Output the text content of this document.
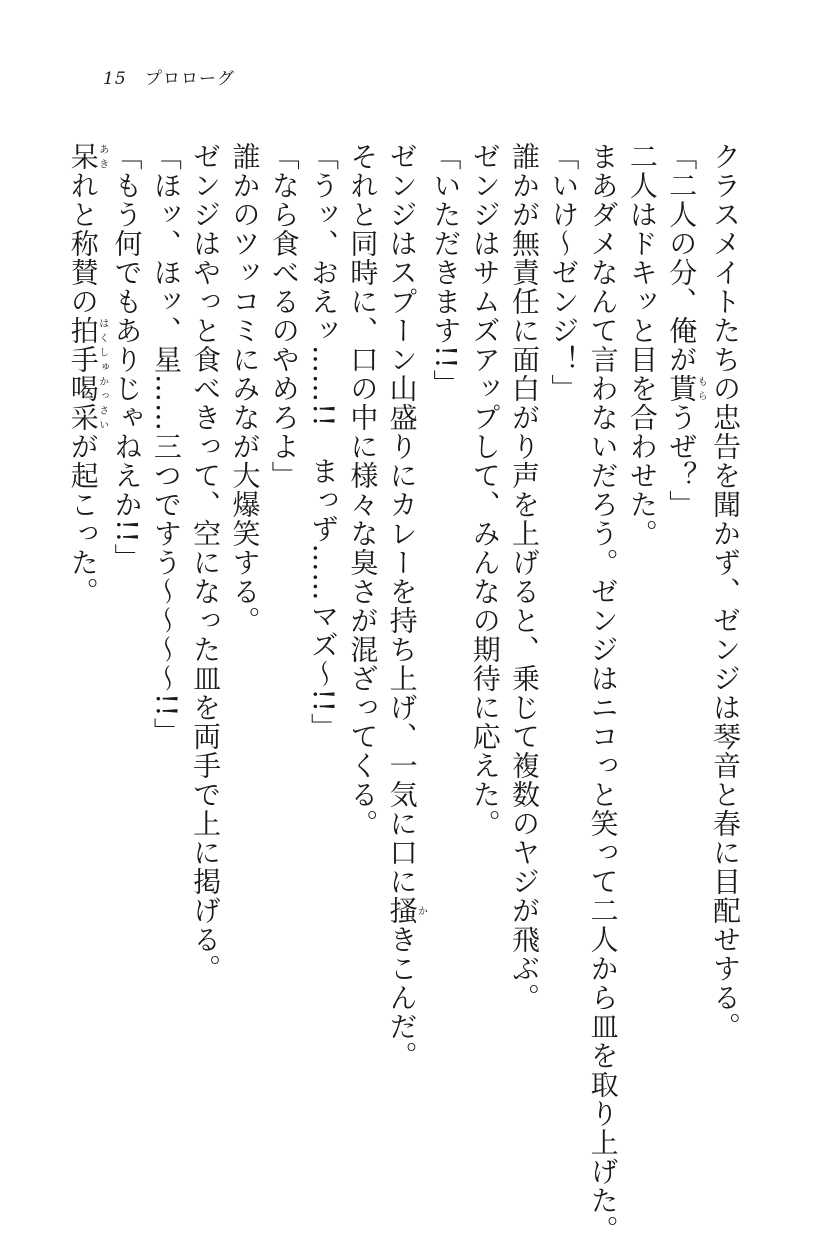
15 プロローグ

クラスメイトたちの忠告を聞かず、ゼンジは琴音と春に目配せする。

「二人の分、俺が貰もらうぜ？」

二人はドキッと目を合わせた。

まあダメなんて言わないだろう。ゼンジはニコっと笑って二人から皿を取り上げた。

「いけ～ゼンジ！」

誰かが無責任に面白がり声を上げると、乗じて複数のヤジが飛ぶ。

ゼンジはサムズアップして、みんなの期待に応えた。

「いただきます!!」

ゼンジはスプーン山盛りにカレーを持ち上げ、一気に口に搔かきこんだ。

それと同時に、口の中に様々な臭さが混ざってくる。

「うッ、おえッ……!!　まっず……マズ～!!」

「なら食べるのやめろよ」

誰かのツッコミにみなが大爆笑する。

ゼンジはやっと食べきって、空になった皿を両手で上に掲げる。

「ほッ、ほッ、星……三つですう～～～～!!」

「もう何でもありじゃねえか!!」

呆あきれと称賛の拍手喝采はくしゅかっさいが起こった。
